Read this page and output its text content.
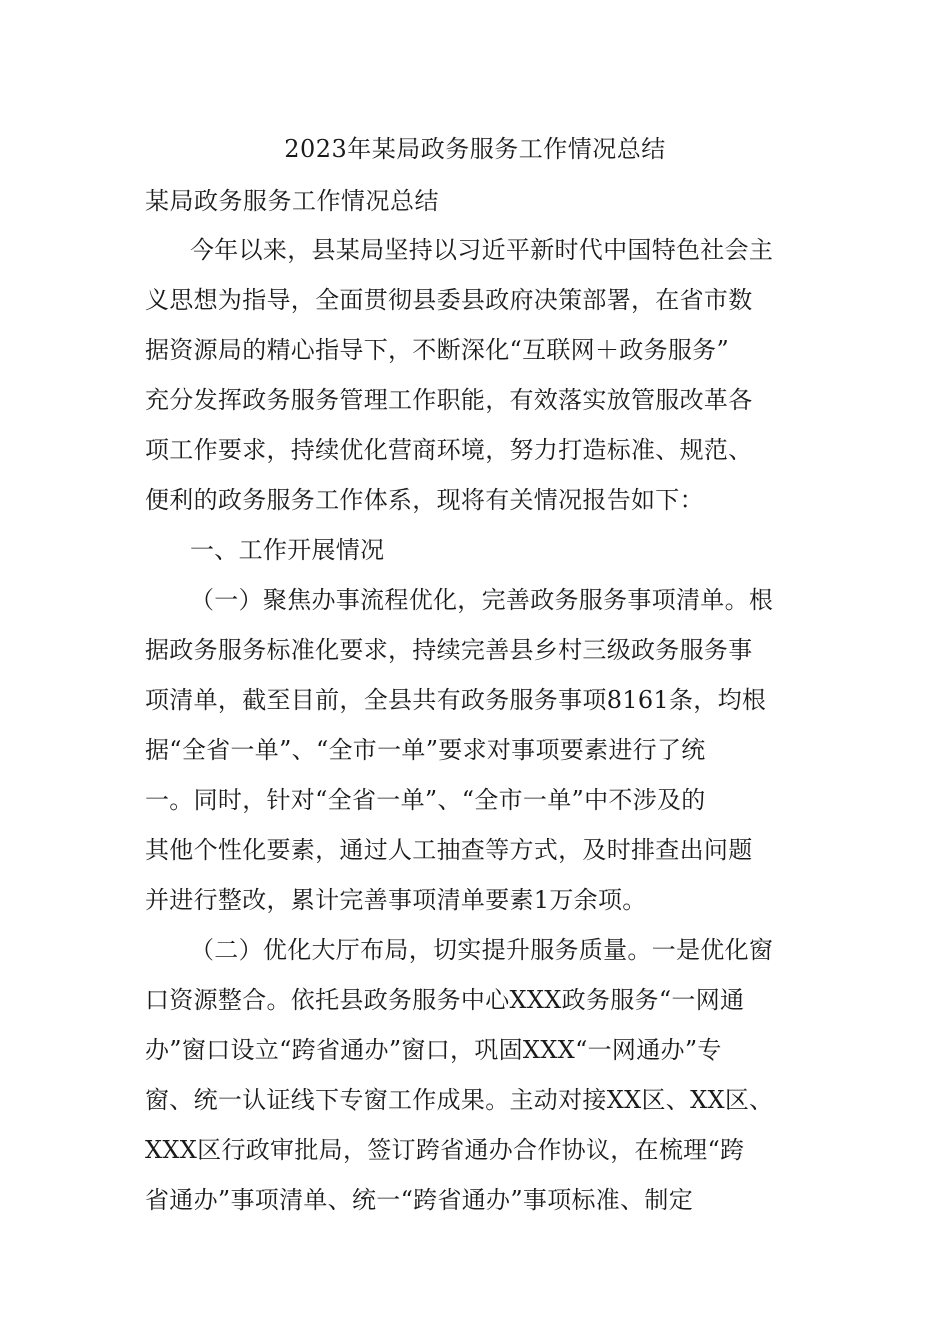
2023年某局政务服务工作情况总结
某局政务服务工作情况总结
今年以来，县某局坚持以习近平新时代中国特色社会主
义思想为指导，全面贯彻县委县政府决策部署，在省市数
据资源局的精心指导下，不断深化“互联网＋政务服务”
充分发挥政务服务管理工作职能，有效落实放管服改革各
项工作要求，持续优化营商环境，努力打造标准、规范、
便利的政务服务工作体系，现将有关情况报告如下：
一、工作开展情况
（一）聚焦办事流程优化，完善政务服务事项清单。根
据政务服务标准化要求，持续完善县乡村三级政务服务事
项清单，截至目前，全县共有政务服务事项8161条，均根
据“全省一单”、“全市一单”要求对事项要素进行了统
一。同时，针对“全省一单”、“全市一单”中不涉及的
其他个性化要素，通过人工抽查等方式，及时排查出问题
并进行整改，累计完善事项清单要素1万余项。
（二）优化大厅布局，切实提升服务质量。一是优化窗
口资源整合。依托县政务服务中心XXX政务服务“一网通
办”窗口设立“跨省通办”窗口，巩固XXX“一网通办”专
窗、统一认证线下专窗工作成果。主动对接XX区、XX区、
XXX区行政审批局，签订跨省通办合作协议，在梳理“跨
省通办”事项清单、统一“跨省通办”事项标准、制定
